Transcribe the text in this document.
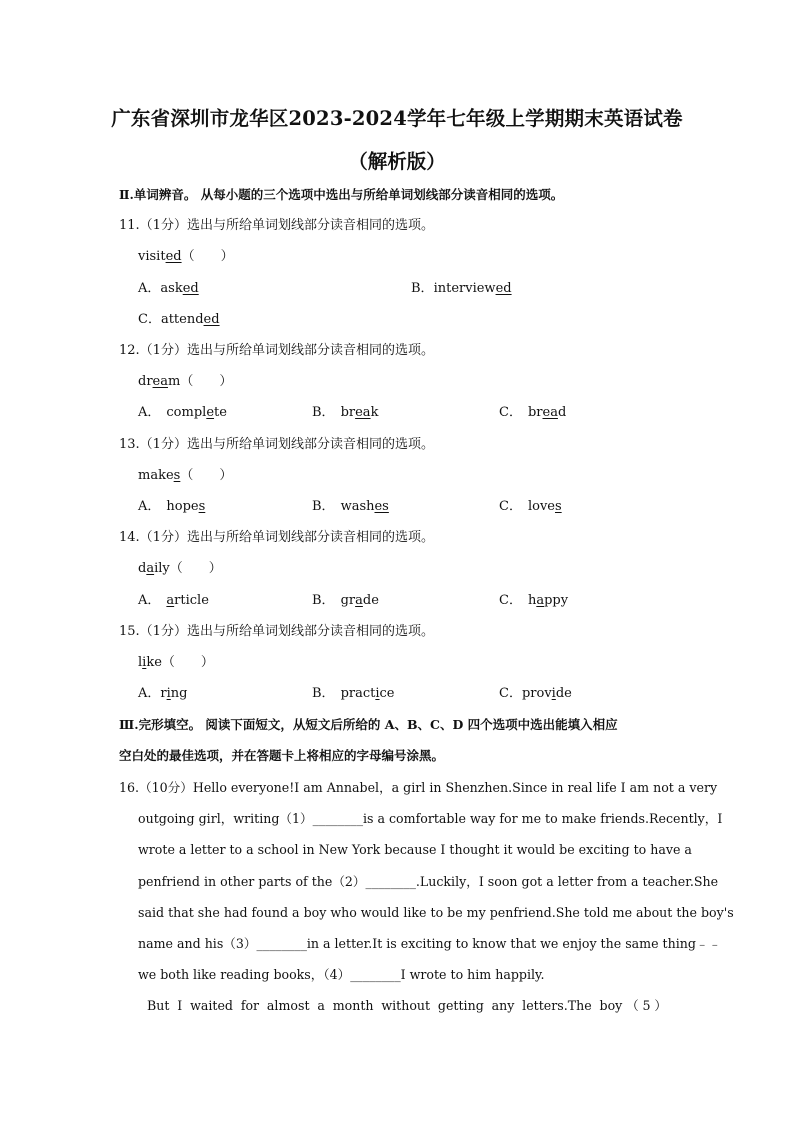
广东省深圳市龙华区2023-2024学年七年级上学期期末英语试卷
（解析版）
Ⅱ.单词辨音。 从每小题的三个选项中选出与所给单词划线部分读音相同的选项。
11.（1分）选出与所给单词划线部分读音相同的选项。
visited（　　）
A．asked	B．interviewed
C．attended
12.（1分）选出与所给单词划线部分读音相同的选项。
dream（　　）
A． complete	B． break	C． bread
13.（1分）选出与所给单词划线部分读音相同的选项。
makes（　　）
A． hopes	B． washes	C． loves
14.（1分）选出与所给单词划线部分读音相同的选项。
daily（　　）
A． article	B． grade	C． happy
15.（1分）选出与所给单词划线部分读音相同的选项。
like（　　）
A．ring	B． practice	C．provide
Ⅲ.完形填空。 阅读下面短文，从短文后所给的 A、B、C、D 四个选项中选出能填入相应
空白处的最佳选项，并在答题卡上将相应的字母编号涂黑。
16.（10分）Hello everyone!I am Annabel，a girl in Shenzhen.Since in real life I am not a very
outgoing girl，writing（1）________is a comfortable way for me to make friends.Recently，I
wrote a letter to a school in New York because I thought it would be exciting to have a
penfriend in other parts of the（2）________.Luckily，I soon got a letter from a teacher.She
said that she had found a boy who would like to be my penfriend.She told me about the boy's
name and his（3）________in a letter.It is exciting to know that we enjoy the same thing﹣﹣
we both like reading books，（4）________I wrote to him happily.
But I waited for almost a month without getting any letters.The boy（5）
